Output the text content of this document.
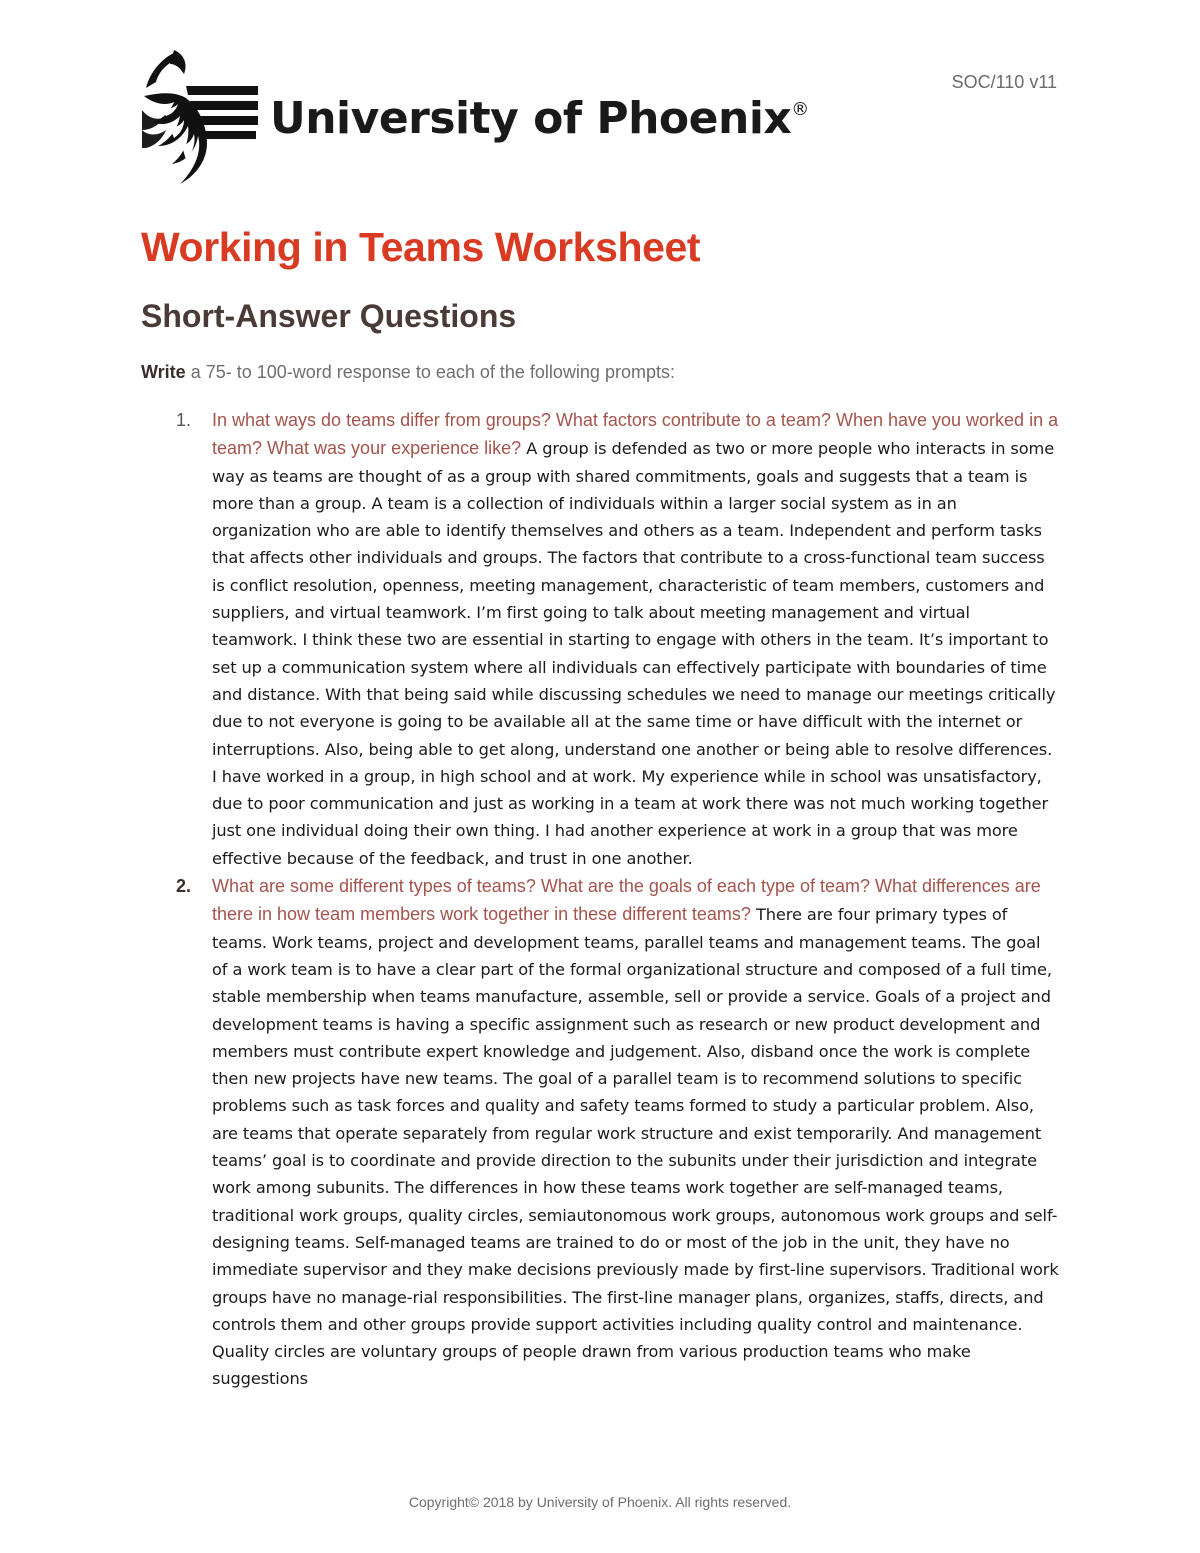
University of Phoenix®
SOC/110 v11
Working in Teams Worksheet
Short-Answer Questions

Write a 75- to 100-word response to each of the following prompts:

1. In what ways do teams differ from groups? What factors contribute to a team? When have you worked in a team? What was your experience like? A group is defended as two or more people who interacts in some way as teams are thought of as a group with shared commitments, goals and suggests that a team is more than a group. A team is a collection of individuals within a larger social system as in an organization who are able to identify themselves and others as a team. Independent and perform tasks that affects other individuals and groups. The factors that contribute to a cross-functional team success is conflict resolution, openness, meeting management, characteristic of team members, customers and suppliers, and virtual teamwork. I’m first going to talk about meeting management and virtual teamwork. I think these two are essential in starting to engage with others in the team. It’s important to set up a communication system where all individuals can effectively participate with boundaries of time and distance. With that being said while discussing schedules we need to manage our meetings critically due to not everyone is going to be available all at the same time or have difficult with the internet or interruptions. Also, being able to get along, understand one another or being able to resolve differences. I have worked in a group, in high school and at work. My experience while in school was unsatisfactory, due to poor communication and just as working in a team at work there was not much working together just one individual doing their own thing. I had another experience at work in a group that was more effective because of the feedback, and trust in one another.
2. What are some different types of teams? What are the goals of each type of team? What differences are there in how team members work together in these different teams? There are four primary types of teams. Work teams, project and development teams, parallel teams and management teams. The goal of a work team is to have a clear part of the formal organizational structure and composed of a full time, stable membership when teams manufacture, assemble, sell or provide a service. Goals of a project and development teams is having a specific assignment such as research or new product development and members must contribute expert knowledge and judgement. Also, disband once the work is complete then new projects have new teams. The goal of a parallel team is to recommend solutions to specific problems such as task forces and quality and safety teams formed to study a particular problem. Also, are teams that operate separately from regular work structure and exist temporarily. And management teams’ goal is to coordinate and provide direction to the subunits under their jurisdiction and integrate work among subunits. The differences in how these teams work together are self-managed teams, traditional work groups, quality circles, semiautonomous work groups, autonomous work groups and self-designing teams. Self-managed teams are trained to do or most of the job in the unit, they have no immediate supervisor and they make decisions previously made by first-line supervisors. Traditional work groups have no manage-rial responsibilities. The first-line manager plans, organizes, staffs, directs, and controls them and other groups provide support activities including quality control and maintenance. Quality circles are voluntary groups of people drawn from various production teams who make suggestions
Copyright© 2018 by University of Phoenix. All rights reserved.
